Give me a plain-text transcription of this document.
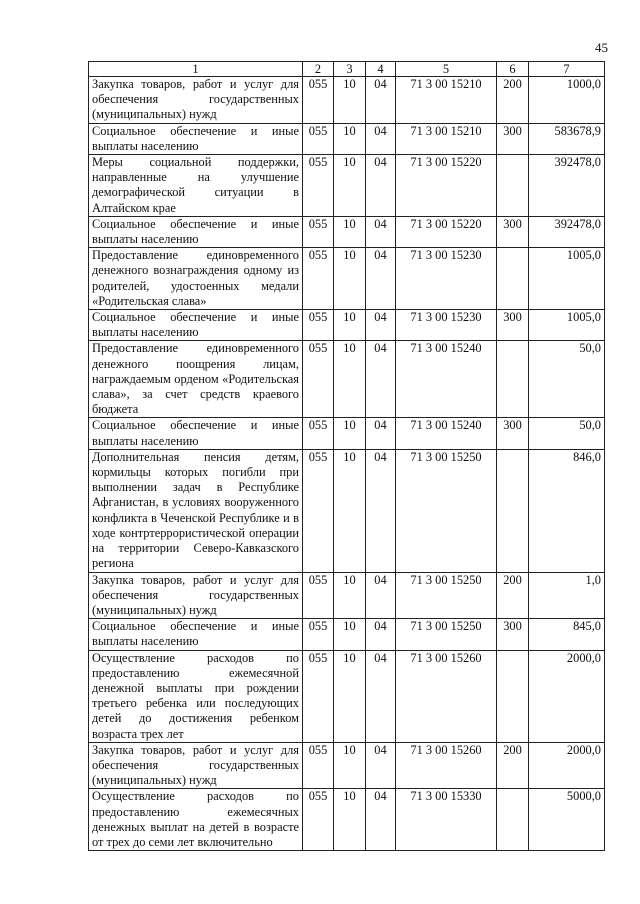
45
1	2	3	4	5	6	7
Закупка товаров, работ и услуг для обеспечения государственных (муниципальных) нужд	055	10	04	71 3 00 15210	200	1000,0
Социальное обеспечение и иные выплаты населению	055	10	04	71 3 00 15210	300	583678,9
Меры социальной поддержки, направленные на улучшение демографической ситуации в Алтайском крае	055	10	04	71 3 00 15220		392478,0
Социальное обеспечение и иные выплаты населению	055	10	04	71 3 00 15220	300	392478,0
Предоставление единовременного денежного вознаграждения одному из родителей, удостоенных медали «Родительская слава»	055	10	04	71 3 00 15230		1005,0
Социальное обеспечение и иные выплаты населению	055	10	04	71 3 00 15230	300	1005,0
Предоставление единовременного денежного поощрения лицам, награждаемым орденом «Родительская слава», за счет средств краевого бюджета	055	10	04	71 3 00 15240		50,0
Социальное обеспечение и иные выплаты населению	055	10	04	71 3 00 15240	300	50,0
Дополнительная пенсия детям, кормильцы которых погибли при выполнении задач в Республике Афганистан, в условиях вооруженного конфликта в Чеченской Республике и в ходе контртеррористической операции на территории Северо-Кавказского региона	055	10	04	71 3 00 15250		846,0
Закупка товаров, работ и услуг для обеспечения государственных (муниципальных) нужд	055	10	04	71 3 00 15250	200	1,0
Социальное обеспечение и иные выплаты населению	055	10	04	71 3 00 15250	300	845,0
Осуществление расходов по предоставлению ежемесячной денежной выплаты при рождении третьего ребенка или последующих детей до достижения ребенком возраста трех лет	055	10	04	71 3 00 15260		2000,0
Закупка товаров, работ и услуг для обеспечения государственных (муниципальных) нужд	055	10	04	71 3 00 15260	200	2000,0
Осуществление расходов по предоставлению ежемесячных денежных выплат на детей в возрасте от трех до семи лет включительно	055	10	04	71 3 00 15330		5000,0
